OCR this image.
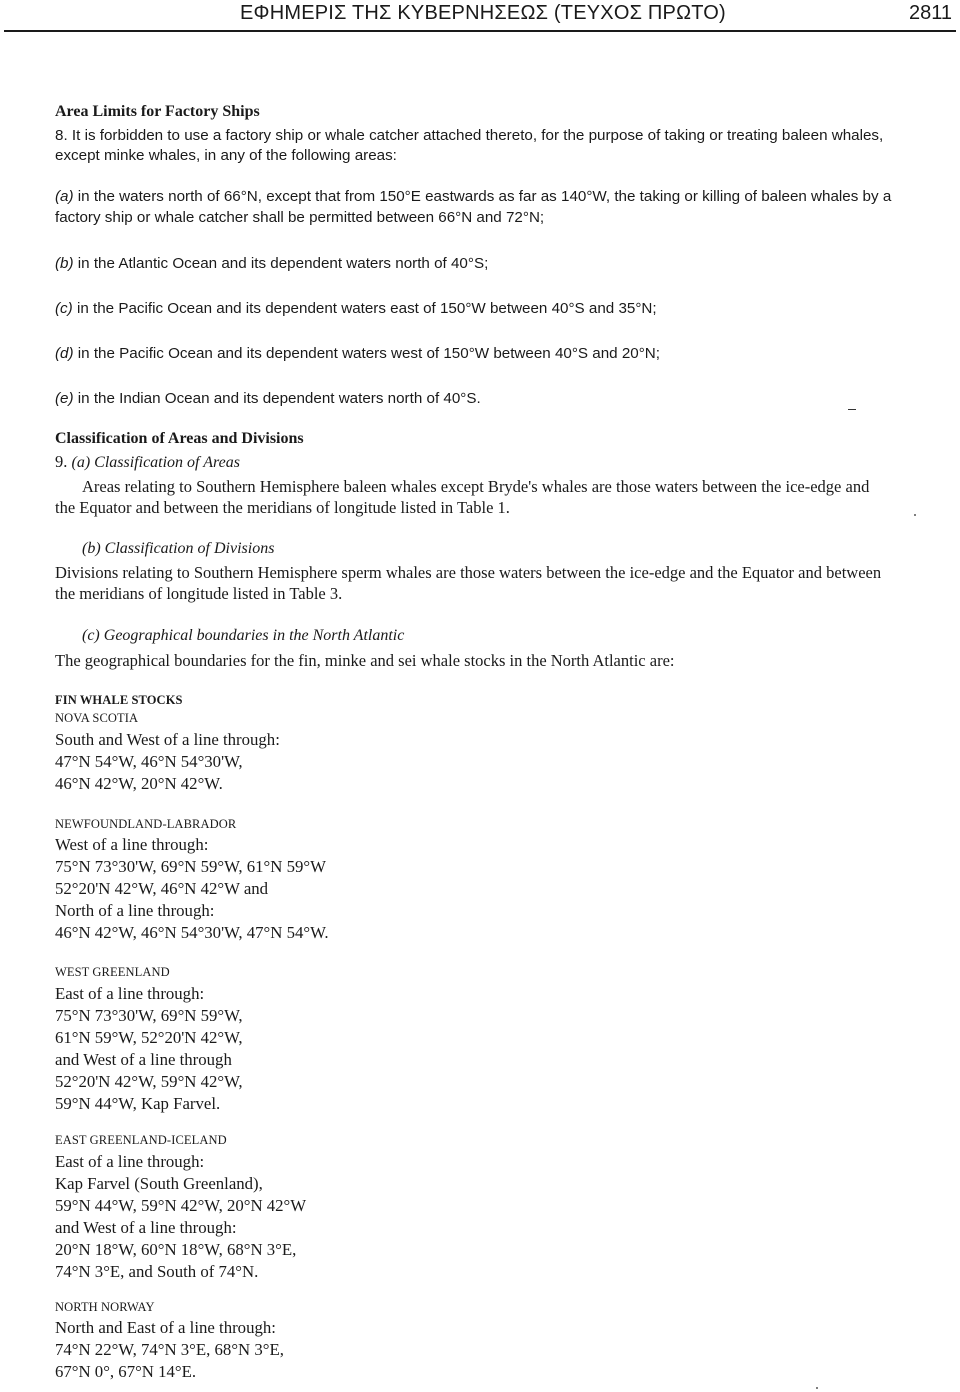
ΕΦΗΜΕΡΙΣ ΤΗΣ ΚΥΒΕΡΝΗΣΕΩΣ (ΤΕΥΧΟΣ ΠΡΩΤΟ)	2811
Area Limits for Factory Ships
8. It is forbidden to use a factory ship or whale catcher attached thereto, for the purpose of taking or treating baleen whales, except minke whales, in any of the following areas:
(a) in the waters north of 66°N, except that from 150°E eastwards as far as 140°W, the taking or killing of baleen whales by a factory ship or whale catcher shall be permitted between 66°N and 72°N;
(b) in the Atlantic Ocean and its dependent waters north of 40°S;
(c) in the Pacific Ocean and its dependent waters east of 150°W between 40°S and 35°N;
(d) in the Pacific Ocean and its dependent waters west of 150°W between 40°S and 20°N;
(e) in the Indian Ocean and its dependent waters north of 40°S.
Classification of Areas and Divisions
9. (a) Classification of Areas
Areas relating to Southern Hemisphere baleen whales except Bryde's whales are those waters between the ice-edge and the Equator and between the meridians of longitude listed in Table 1.
(b) Classification of Divisions
Divisions relating to Southern Hemisphere sperm whales are those waters between the ice-edge and the Equator and between the meridians of longitude listed in Table 3.
(c) Geographical boundaries in the North Atlantic
The geographical boundaries for the fin, minke and sei whale stocks in the North Atlantic are:
FIN WHALE STOCKS
NOVA SCOTIA
South and West of a line through:
47°N 54°W, 46°N 54°30'W,
46°N 42°W, 20°N 42°W.
NEWFOUNDLAND-LABRADOR
West of a line through:
75°N 73°30'W, 69°N 59°W, 61°N 59°W
52°20'N 42°W, 46°N 42°W and
North of a line through:
46°N 42°W, 46°N 54°30'W, 47°N 54°W.
WEST GREENLAND
East of a line through:
75°N 73°30'W, 69°N 59°W,
61°N 59°W, 52°20'N 42°W,
and West of a line through
52°20'N 42°W, 59°N 42°W,
59°N 44°W, Kap Farvel.
EAST GREENLAND-ICELAND
East of a line through:
Kap Farvel (South Greenland),
59°N 44°W, 59°N 42°W, 20°N 42°W
and West of a line through:
20°N 18°W, 60°N 18°W, 68°N 3°E,
74°N 3°E, and South of 74°N.
NORTH NORWAY
North and East of a line through:
74°N 22°W, 74°N 3°E, 68°N 3°E,
67°N 0°, 67°N 14°E.
